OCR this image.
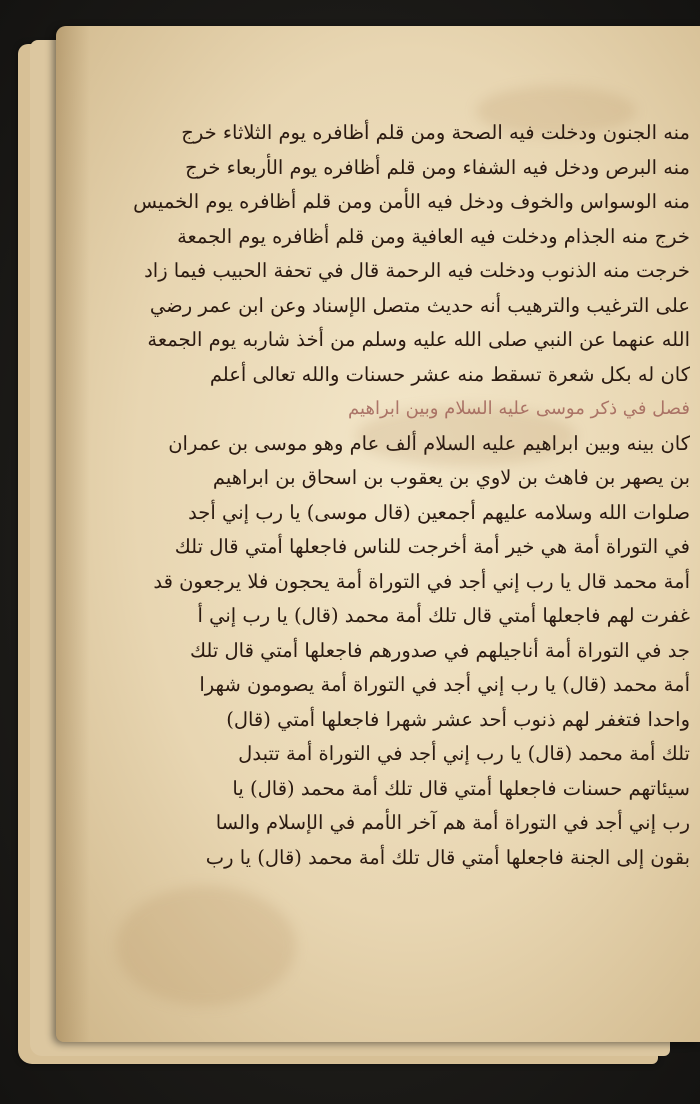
منه الجنون ودخلت فيه الصحة ومن قلم أظافره يوم الثلاثاء خرج
منه البرص ودخل فيه الشفاء ومن قلم أظافره يوم الأربعاء خرج
منه الوسواس والخوف ودخل فيه الأمن ومن قلم أظافره يوم الخميس
خرج منه الجذام ودخلت فيه العافية ومن قلم أظافره يوم الجمعة
خرجت منه الذنوب ودخلت فيه الرحمة قال في تحفة الحبيب فيما زاد
على الترغيب والترهيب أنه حديث متصل الإسناد وعن ابن عمر رضي
الله عنهما عن النبي صلى الله عليه وسلم من أخذ شاربه يوم الجمعة
كان له بكل شعرة تسقط منه عشر حسنات والله تعالى أعلم
فصل في ذكر موسى عليه السلام وبين ابراهيم
كان بينه وبين ابراهيم عليه السلام ألف عام وهو موسى بن عمران
بن يصهر بن فاهث بن لاوي بن يعقوب بن اسحاق بن ابراهيم
صلوات الله وسلامه عليهم أجمعين (قال موسى) يا رب إني أجد
في التوراة أمة هي خير أمة أخرجت للناس فاجعلها أمتي قال تلك
أمة محمد قال يا رب إني أجد في التوراة أمة يحجون فلا يرجعون قد
غفرت لهم فاجعلها أمتي قال تلك أمة محمد (قال) يا رب إني أ
جد في التوراة أمة أناجيلهم في صدورهم فاجعلها أمتي قال تلك
أمة محمد (قال) يا رب إني أجد في التوراة أمة يصومون شهرا
واحدا فتغفر لهم ذنوب أحد عشر شهرا فاجعلها أمتي (قال)
تلك أمة محمد (قال) يا رب إني أجد في التوراة أمة تتبدل
سيئاتهم حسنات فاجعلها أمتي قال تلك أمة محمد (قال) يا
رب إني أجد في التوراة أمة هم آخر الأمم في الإسلام والسا
بقون إلى الجنة فاجعلها أمتي قال تلك أمة محمد (قال) يا رب
